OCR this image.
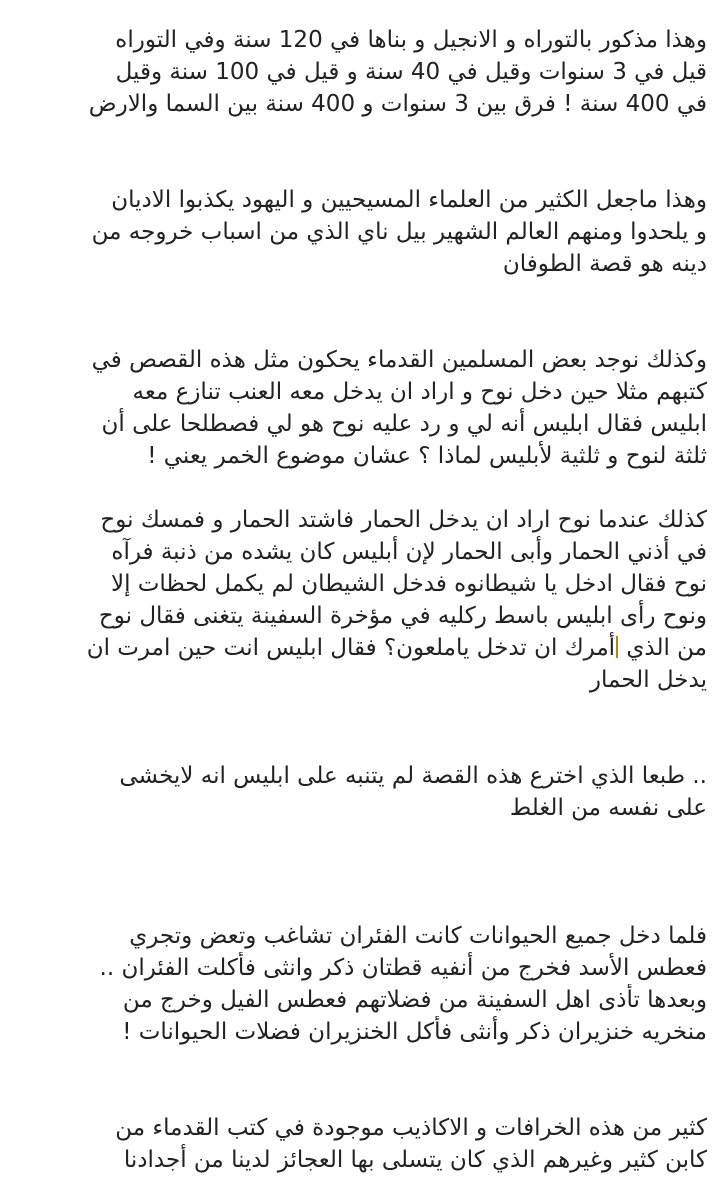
وهذا مذكور بالتوراه و الانجيل و بناها في 120 سنة وفي التوراه
قيل في 3 سنوات وقيل في 40 سنة و قيل في 100 سنة وقيل
في 400 سنة ! فرق بين 3 سنوات و 400 سنة بين السما والارض

وهذا ماجعل الكثير من العلماء المسيحيين و اليهود يكذبوا الاديان
و يلحدوا ومنهم العالم الشهير بيل ناي الذي من اسباب خروجه من
دينه هو قصة الطوفان

وكذلك نوجد بعض المسلمين القدماء يحكون مثل هذه القصص في
كتبهم مثلا حين دخل نوح و اراد ان يدخل معه العنب تنازع معه
ابليس فقال ابليس أنه لي و رد عليه نوح هو لي فصطلحا على أن
ثلثة لنوح و ثلثية لأبليس لماذا ؟ عشان موضوع الخمر يعني !

كذلك عندما نوح اراد ان يدخل الحمار فاشتد الحمار و فمسك نوح
في أذني الحمار وأبى الحمار لإن أبليس كان يشده من ذنبة فرآه
نوح فقال ادخل يا شيطانوه فدخل الشيطان لم يكمل لحظات إلا
ونوح رأى ابليس باسط ركليه في مؤخرة السفينة يتغنى فقال نوح
من الذي أمرك ان تدخل ياملعون؟ فقال ابليس انت حين امرت ان
يدخل الحمار

.. طبعا الذي اخترع هذه القصة لم يتنبه على ابليس انه لايخشى
على نفسه من الغلط

فلما دخل جميع الحيوانات كانت الفئران تشاغب وتعض وتجري
فعطس الأسد فخرج من أنفيه قطتان ذكر وانثى فأكلت الفئران ..
وبعدها تأذى اهل السفينة من فضلاتهم فعطس الفيل وخرج من
منخريه خنزيران ذكر وأنثى فأكل الخنزيران فضلات الحيوانات !

كثير من هذه الخرافات و الاكاذيب موجودة في كتب القدماء من
كابن كثير وغيرهم الذي كان يتسلى بها العجائز لدينا من أجدادنا
